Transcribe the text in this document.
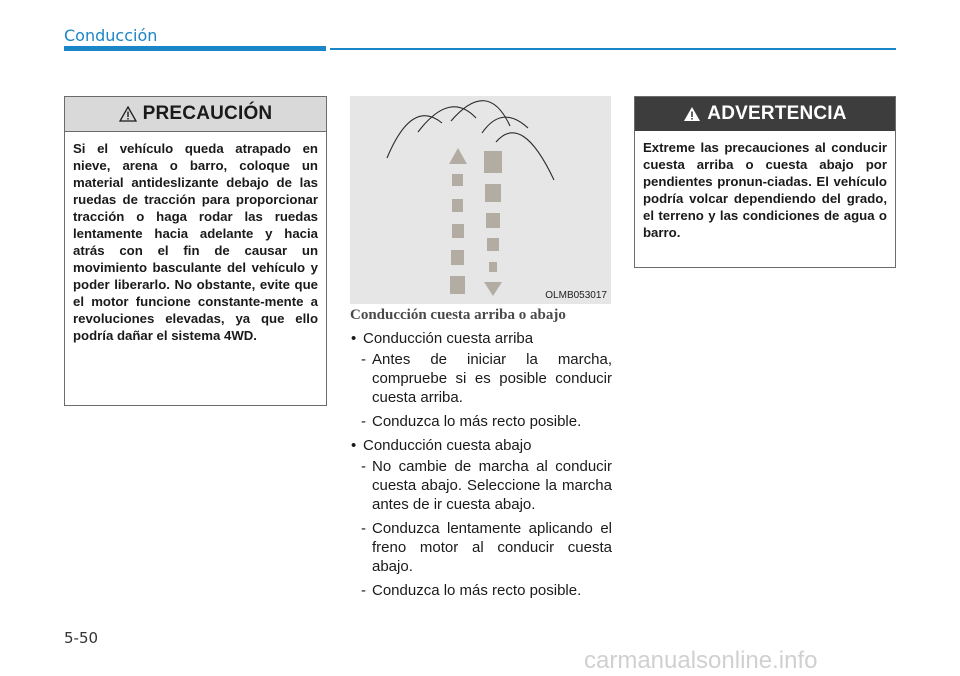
Conducción
PRECAUCIÓN
Si el vehículo queda atrapado en nieve, arena o barro, coloque un material antideslizante debajo de las ruedas de tracción para proporcionar tracción o haga rodar las ruedas lentamente hacia adelante y hacia atrás con el fin de causar un movimiento basculante del vehículo y poder liberarlo. No obstante, evite que el motor funcione constante-mente a revoluciones elevadas, ya que ello podría dañar el sistema 4WD.
OLMB053017
Conducción cuesta arriba o abajo
• Conducción cuesta arriba
- Antes de iniciar la marcha, compruebe si es posible conducir cuesta arriba.
- Conduzca lo más recto posible.
• Conducción cuesta abajo
- No cambie de marcha al conducir cuesta abajo. Seleccione la marcha antes de ir cuesta abajo.
- Conduzca lentamente aplicando el freno motor al conducir cuesta abajo.
- Conduzca lo más recto posible.
ADVERTENCIA
Extreme las precauciones al conducir cuesta arriba o cuesta abajo por pendientes pronun-ciadas. El vehículo podría volcar dependiendo del grado, el terreno y las condiciones de agua o barro.
5-50
carmanualsonline.info
